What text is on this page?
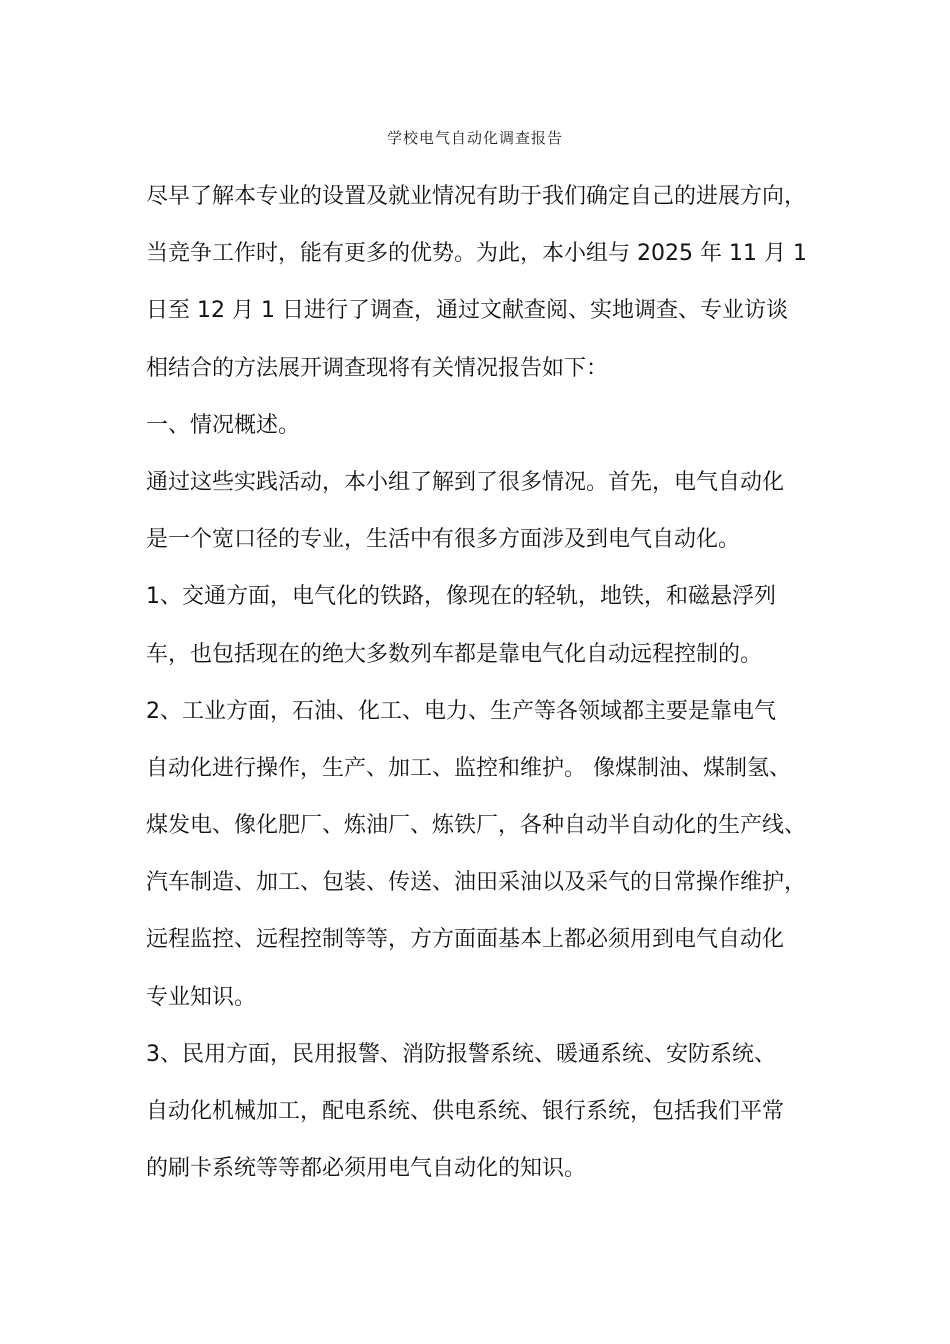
学校电气自动化调查报告
尽早了解本专业的设置及就业情况有助于我们确定自己的进展方向，
当竞争工作时，能有更多的优势。为此，本小组与 2025 年 11 月 1
日至 12 月 1 日进行了调查，通过文献查阅、实地调查、专业访谈
相结合的方法展开调查现将有关情况报告如下：
一、情况概述。
通过这些实践活动，本小组了解到了很多情况。首先，电气自动化
是一个宽口径的专业，生活中有很多方面涉及到电气自动化。
1、交通方面，电气化的铁路，像现在的轻轨，地铁，和磁悬浮列
车，也包括现在的绝大多数列车都是靠电气化自动远程控制的。
2、工业方面，石油、化工、电力、生产等各领域都主要是靠电气
自动化进行操作，生产、加工、监控和维护。 像煤制油、煤制氢、
煤发电、像化肥厂、炼油厂、炼铁厂，各种自动半自动化的生产线、
汽车制造、加工、包装、传送、油田采油以及采气的日常操作维护，
远程监控、远程控制等等，方方面面基本上都必须用到电气自动化
专业知识。
3、民用方面，民用报警、消防报警系统、暖通系统、安防系统、
自动化机械加工，配电系统、供电系统、银行系统，包括我们平常
的刷卡系统等等都必须用电气自动化的知识。
